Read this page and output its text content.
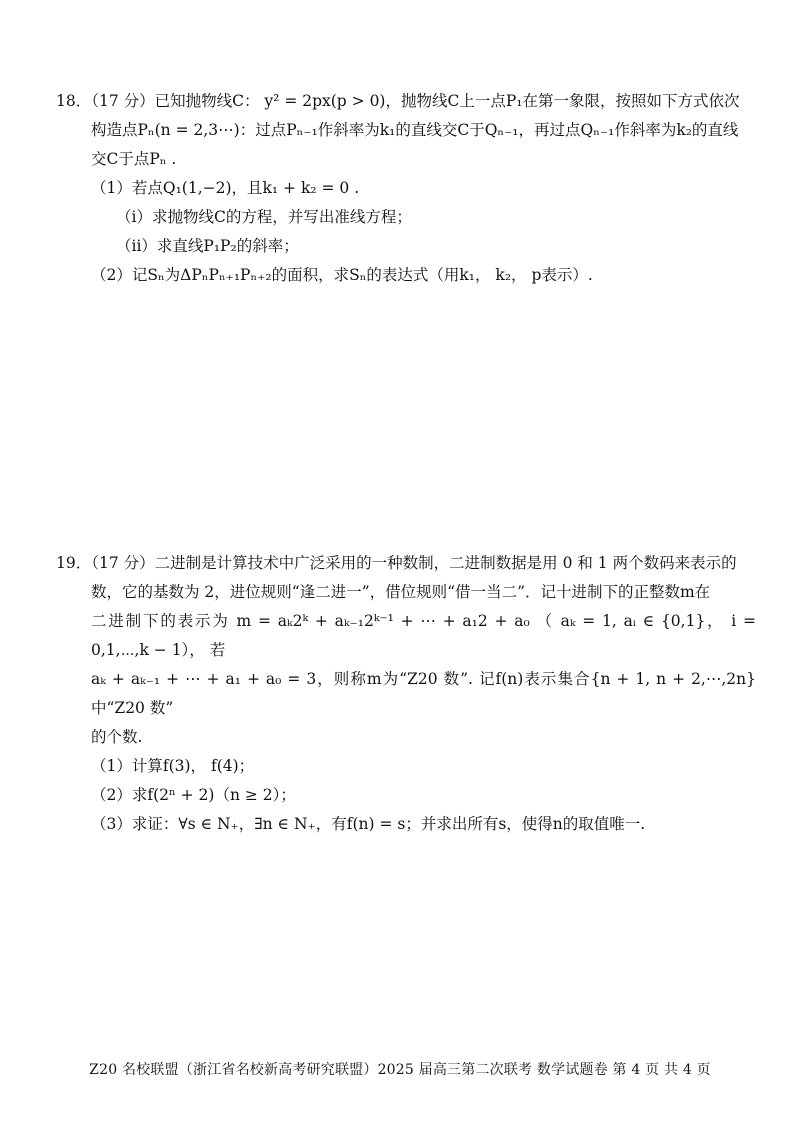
18．（17 分）已知抛物线C： y² = 2px(p > 0)，抛物线C上一点P₁在第一象限，按照如下方式依次
构造点Pₙ(n = 2,3⋯)：过点Pₙ₋₁作斜率为k₁的直线交C于Qₙ₋₁，再过点Qₙ₋₁作斜率为k₂的直线
交C于点Pₙ .

（1）若点Q₁(1,−2)，且k₁ + k₂ = 0 .

（i）求抛物线C的方程，并写出准线方程；

（ii）求直线P₁P₂的斜率；

（2）记Sₙ为ΔPₙPₙ₊₁Pₙ₊₂的面积，求Sₙ的表达式（用k₁， k₂， p表示）.

19．（17 分）二进制是计算技术中广泛采用的一种数制，二进制数据是用 0 和 1 两个数码来表示的
数，它的基数为 2，进位规则“逢二进一”，借位规则“借一当二”．记十进制下的正整数m在
二进制下的表示为 m = aₖ2ᵏ + aₖ₋₁2ᵏ⁻¹ + ⋯ + a₁2 + a₀ （ aₖ = 1, aᵢ ∈ {0,1}， i = 0,1,⋯,k − 1）， 若
aₖ + aₖ₋₁ + ⋯ + a₁ + a₀ = 3，则称m为“Z20 数”. 记f(n)表示集合{n + 1, n + 2,⋯,2n}中“Z20 数”
的个数.

（1）计算f(3)， f(4)；

（2）求f(2ⁿ + 2)（n ≥ 2）；

（3）求证：∀s ∈ N₊，∃n ∈ N₊，有f(n) = s；并求出所有s，使得n的取值唯一.

Z20 名校联盟（浙江省名校新高考研究联盟）2025 届高三第二次联考 数学试题卷 第 4 页 共 4 页
